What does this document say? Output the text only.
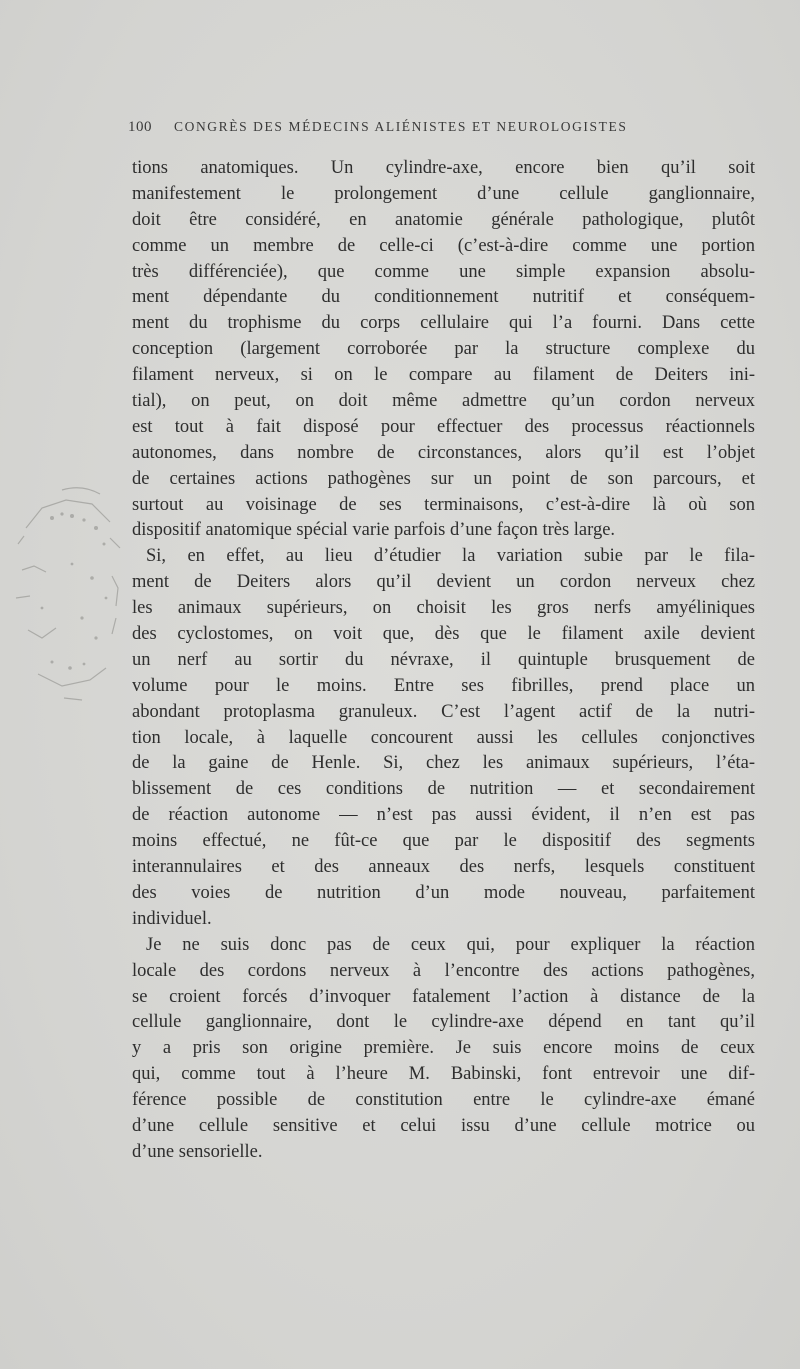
100 CONGRÈS DES MÉDECINS ALIÉNISTES ET NEUROLOGISTES
tions anatomiques. Un cylindre-axe, encore bien qu’il soit
manifestement le prolongement d’une cellule ganglionnaire,
doit être considéré, en anatomie générale pathologique, plutôt
comme un membre de celle-ci (c’est-à-dire comme une portion
très différenciée), que comme une simple expansion absolu-
ment dépendante du conditionnement nutritif et conséquem-
ment du trophisme du corps cellulaire qui l’a fourni. Dans cette
conception (largement corroborée par la structure complexe du
filament nerveux, si on le compare au filament de Deiters ini-
tial), on peut, on doit même admettre qu’un cordon nerveux
est tout à fait disposé pour effectuer des processus réactionnels
autonomes, dans nombre de circonstances, alors qu’il est l’objet
de certaines actions pathogènes sur un point de son parcours, et
surtout au voisinage de ses terminaisons, c’est-à-dire là où son
dispositif anatomique spécial varie parfois d’une façon très large.
Si, en effet, au lieu d’étudier la variation subie par le fila-
ment de Deiters alors qu’il devient un cordon nerveux chez
les animaux supérieurs, on choisit les gros nerfs amyéliniques
des cyclostomes, on voit que, dès que le filament axile devient
un nerf au sortir du névraxe, il quintuple brusquement de
volume pour le moins. Entre ses fibrilles, prend place un
abondant protoplasma granuleux. C’est l’agent actif de la nutri-
tion locale, à laquelle concourent aussi les cellules conjonctives
de la gaine de Henle. Si, chez les animaux supérieurs, l’éta-
blissement de ces conditions de nutrition — et secondairement
de réaction autonome — n’est pas aussi évident, il n’en est pas
moins effectué, ne fût-ce que par le dispositif des segments
interannulaires et des anneaux des nerfs, lesquels constituent
des voies de nutrition d’un mode nouveau, parfaitement
individuel.
Je ne suis donc pas de ceux qui, pour expliquer la réaction
locale des cordons nerveux à l’encontre des actions pathogènes,
se croient forcés d’invoquer fatalement l’action à distance de la
cellule ganglionnaire, dont le cylindre-axe dépend en tant qu’il
y a pris son origine première. Je suis encore moins de ceux
qui, comme tout à l’heure M. Babinski, font entrevoir une dif-
férence possible de constitution entre le cylindre-axe émané
d’une cellule sensitive et celui issu d’une cellule motrice ou
d’une sensorielle.
